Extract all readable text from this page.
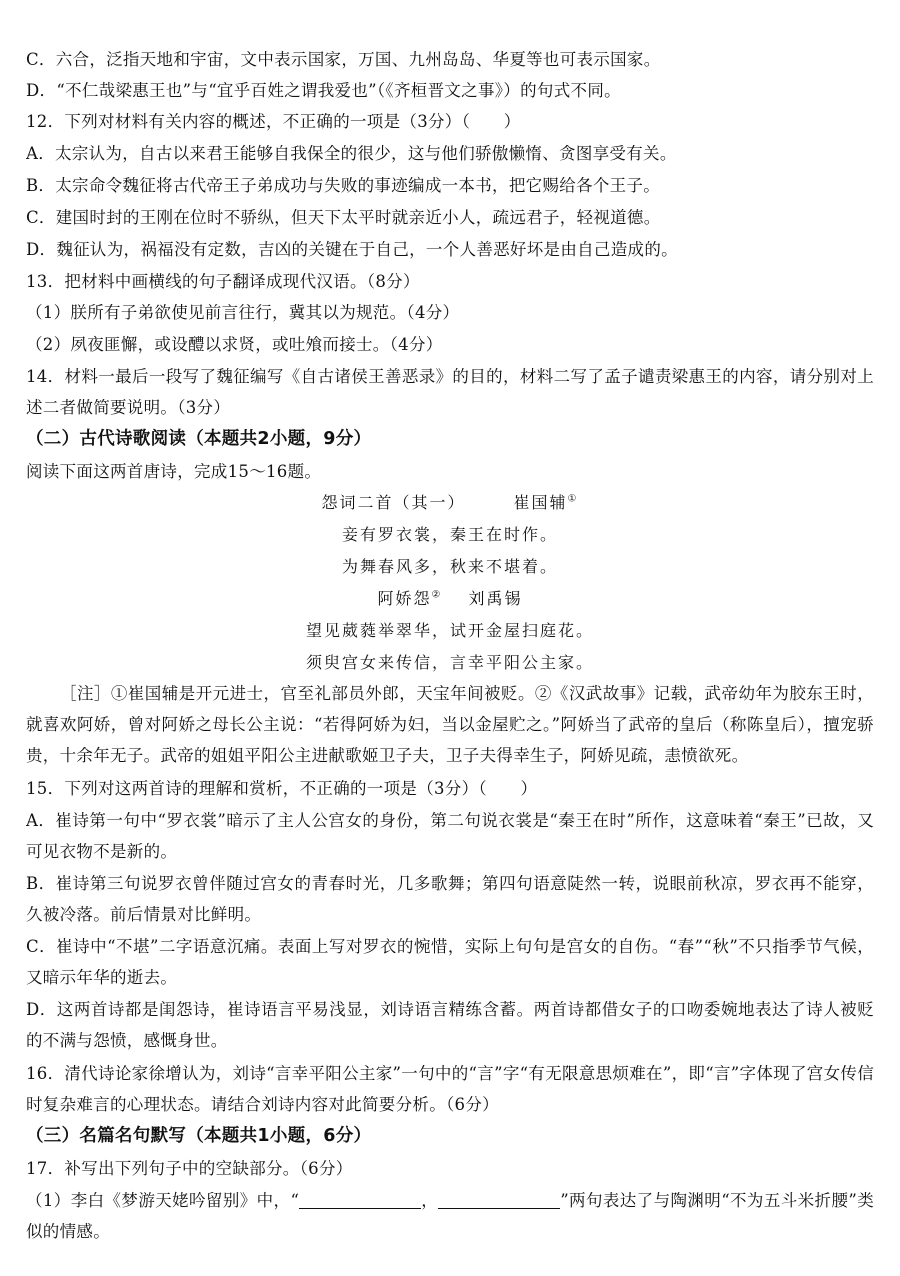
C．六合，泛指天地和宇宙，文中表示国家，万国、九州岛岛、华夏等也可表示国家。
D．“不仁哉梁惠王也”与“宜乎百姓之谓我爱也”（《齐桓晋文之事》）的句式不同。
12．下列对材料有关内容的概述，不正确的一项是（3分）（　　）
A．太宗认为，自古以来君王能够自我保全的很少，这与他们骄傲懒惰、贪图享受有关。
B．太宗命令魏征将古代帝王子弟成功与失败的事迹编成一本书，把它赐给各个王子。
C．建国时封的王刚在位时不骄纵，但天下太平时就亲近小人，疏远君子，轻视道德。
D．魏征认为，祸福没有定数，吉凶的关键在于自己，一个人善恶好坏是由自己造成的。
13．把材料中画横线的句子翻译成现代汉语。（8分）
（1）朕所有子弟欲使见前言往行，冀其以为规范。（4分）
（2）夙夜匪懈，或设醴以求贤，或吐飧而接士。（4分）
14．材料一最后一段写了魏征编写《自古诸侯王善恶录》的目的，材料二写了孟子谴责梁惠王的内容，请分别对上述二者做简要说明。（3分）
（二）古代诗歌阅读（本题共2小题，9分）
阅读下面这两首唐诗，完成15～16题。
怨词二首（其一）	崔国辅①
妾有罗衣裳，秦王在时作。
为舞春风多，秋来不堪着。
阿娇怨② 刘禹锡
望见葳蕤举翠华，试开金屋扫庭花。
须臾宫女来传信，言幸平阳公主家。
［注］①崔国辅是开元进士，官至礼部员外郎，天宝年间被贬。②《汉武故事》记载，武帝幼年为胶东王时，就喜欢阿娇，曾对阿娇之母长公主说：“若得阿娇为妇，当以金屋贮之。”阿娇当了武帝的皇后（称陈皇后），擅宠骄贵，十余年无子。武帝的姐姐平阳公主进献歌姬卫子夫，卫子夫得幸生子，阿娇见疏，恚愤欲死。
15．下列对这两首诗的理解和赏析，不正确的一项是（3分）（　　）
A．崔诗第一句中“罗衣裳”暗示了主人公宫女的身份，第二句说衣裳是“秦王在时”所作，这意味着“秦王”已故，又可见衣物不是新的。
B．崔诗第三句说罗衣曾伴随过宫女的青春时光，几多歌舞；第四句语意陡然一转，说眼前秋凉，罗衣再不能穿，久被冷落。前后情景对比鲜明。
C．崔诗中“不堪”二字语意沉痛。表面上写对罗衣的惋惜，实际上句句是宫女的自伤。“春”“秋”不只指季节气候，又暗示年华的逝去。
D．这两首诗都是闺怨诗，崔诗语言平易浅显，刘诗语言精练含蓄。两首诗都借女子的口吻委婉地表达了诗人被贬的不满与怨愤，感慨身世。
16．清代诗论家徐增认为，刘诗“言幸平阳公主家”一句中的“言”字“有无限意思烦难在”，即“言”字体现了宫女传信时复杂难言的心理状态。请结合刘诗内容对此简要分析。（6分）
（三）名篇名句默写（本题共1小题，6分）
17．补写出下列句子中的空缺部分。（6分）
（1）李白《梦游天姥吟留别》中，“	，	”两句表达了与陶渊明“不为五斗米折腰”类似的情感。
